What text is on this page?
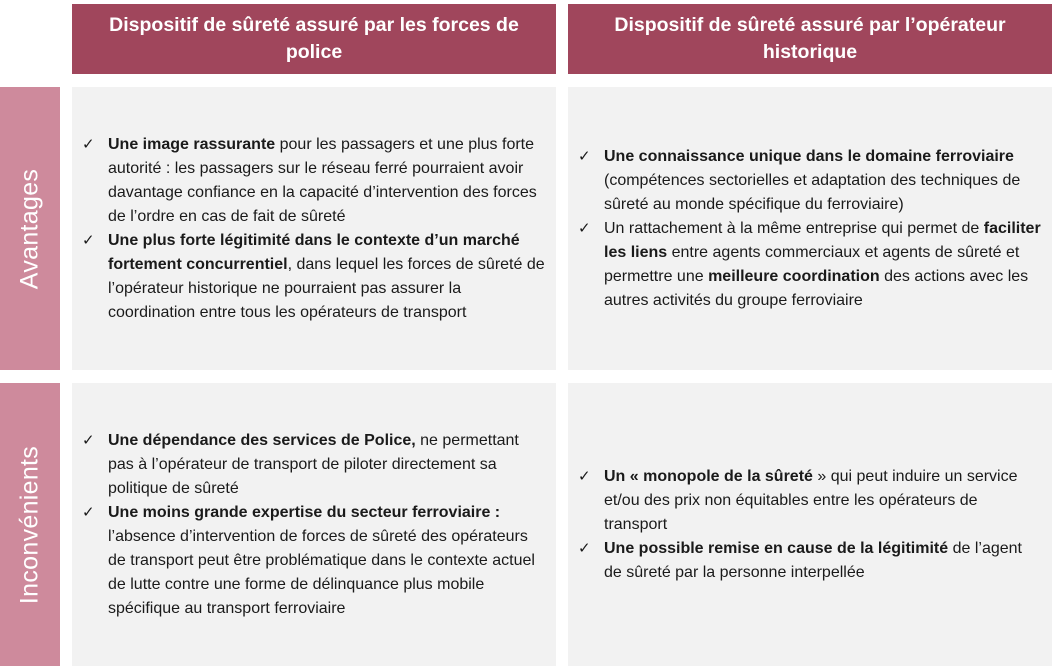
Dispositif de sûreté assuré par les forces de police
Dispositif de sûreté assuré par l’opérateur historique
Avantages
Inconvénients
✓ Une image rassurante pour les passagers et une plus forte autorité : les passagers sur le réseau ferré pourraient avoir davantage confiance en la capacité d’intervention des forces de l’ordre en cas de fait de sûreté
✓ Une plus forte légitimité dans le contexte d’un marché fortement concurrentiel, dans lequel les forces de sûreté de l’opérateur historique ne pourraient pas assurer la coordination entre tous les opérateurs de transport
✓ Une connaissance unique dans le domaine ferroviaire (compétences sectorielles et adaptation des techniques de sûreté au monde spécifique du ferroviaire)
✓ Un rattachement à la même entreprise qui permet de faciliter les liens entre agents commerciaux et agents de sûreté et permettre une meilleure coordination des actions avec les autres activités du groupe ferroviaire
✓ Une dépendance des services de Police, ne permettant pas à l’opérateur de transport de piloter directement sa politique de sûreté
✓ Une moins grande expertise du secteur ferroviaire : l’absence d’intervention de forces de sûreté des opérateurs de transport peut être problématique dans le contexte actuel de lutte contre une forme de délinquance plus mobile spécifique au transport ferroviaire
✓ Un « monopole de la sûreté » qui peut induire un service et/ou des prix non équitables entre les opérateurs de transport
✓ Une possible remise en cause de la légitimité de l’agent de sûreté par la personne interpellée
